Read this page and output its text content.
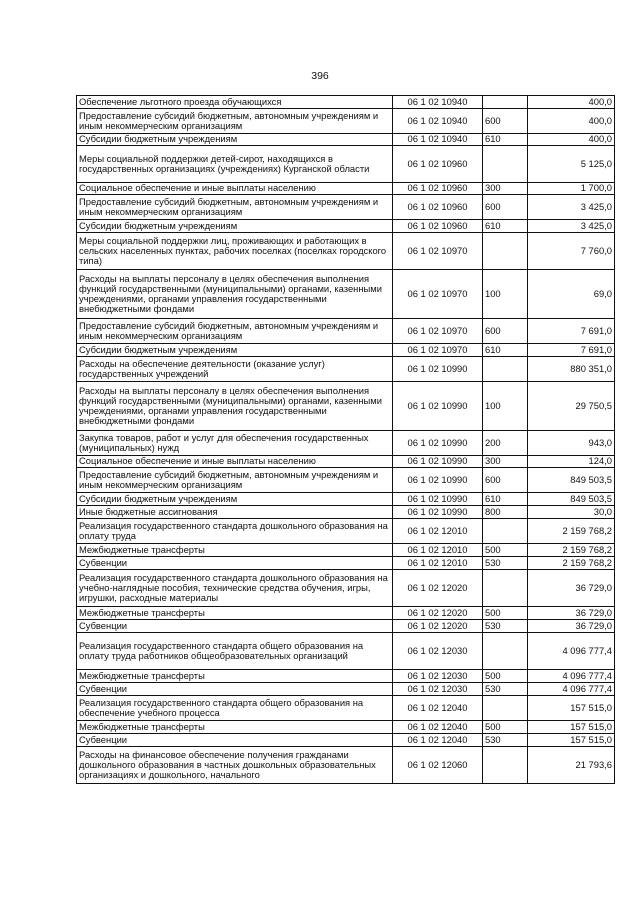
396
Обеспечение льготного проезда обучающихся	06 1 02 10940		400,0
Предоставление субсидий бюджетным, автономным учреждениям и иным некоммерческим организациям	06 1 02 10940	600	400,0
Субсидии бюджетным учреждениям	06 1 02 10940	610	400,0
Меры социальной поддержки детей-сирот, находящихся в государственных организациях (учреждениях) Курганской области	06 1 02 10960		5 125,0
Социальное обеспечение и иные выплаты населению	06 1 02 10960	300	1 700,0
Предоставление субсидий бюджетным, автономным учреждениям и иным некоммерческим организациям	06 1 02 10960	600	3 425,0
Субсидии бюджетным учреждениям	06 1 02 10960	610	3 425,0
Меры социальной поддержки лиц, проживающих и работающих в сельских населенных пунктах, рабочих поселках (поселках городского типа)	06 1 02 10970		7 760,0
Расходы на выплаты персоналу в целях обеспечения выполнения функций государственными (муниципальными) органами, казенными учреждениями, органами управления государственными внебюджетными фондами	06 1 02 10970	100	69,0
Предоставление субсидий бюджетным, автономным учреждениям и иным некоммерческим организациям	06 1 02 10970	600	7 691,0
Субсидии бюджетным учреждениям	06 1 02 10970	610	7 691,0
Расходы на обеспечение деятельности (оказание услуг) государственных учреждений	06 1 02 10990		880 351,0
Расходы на выплаты персоналу в целях обеспечения выполнения функций государственными (муниципальными) органами, казенными учреждениями, органами управления государственными внебюджетными фондами	06 1 02 10990	100	29 750,5
Закупка товаров, работ и услуг для обеспечения государственных (муниципальных) нужд	06 1 02 10990	200	943,0
Социальное обеспечение и иные выплаты населению	06 1 02 10990	300	124,0
Предоставление субсидий бюджетным, автономным учреждениям и иным некоммерческим организациям	06 1 02 10990	600	849 503,5
Субсидии бюджетным учреждениям	06 1 02 10990	610	849 503,5
Иные бюджетные ассигнования	06 1 02 10990	800	30,0
Реализация государственного стандарта дошкольного образования на оплату труда	06 1 02 12010		2 159 768,2
Межбюджетные трансферты	06 1 02 12010	500	2 159 768,2
Субвенции	06 1 02 12010	530	2 159 768,2
Реализация государственного стандарта дошкольного образования на учебно-наглядные пособия, технические средства обучения, игры, игрушки, расходные материалы	06 1 02 12020		36 729,0
Межбюджетные трансферты	06 1 02 12020	500	36 729,0
Субвенции	06 1 02 12020	530	36 729,0
Реализация государственного стандарта общего образования на оплату труда работников общеобразовательных организаций	06 1 02 12030		4 096 777,4
Межбюджетные трансферты	06 1 02 12030	500	4 096 777,4
Субвенции	06 1 02 12030	530	4 096 777,4
Реализация государственного стандарта общего образования на обеспечение учебного процесса	06 1 02 12040		157 515,0
Межбюджетные трансферты	06 1 02 12040	500	157 515,0
Субвенции	06 1 02 12040	530	157 515,0
Расходы на финансовое обеспечение получения гражданами дошкольного образования в частных дошкольных образовательных организациях и дошкольного, начального	06 1 02 12060		21 793,6
